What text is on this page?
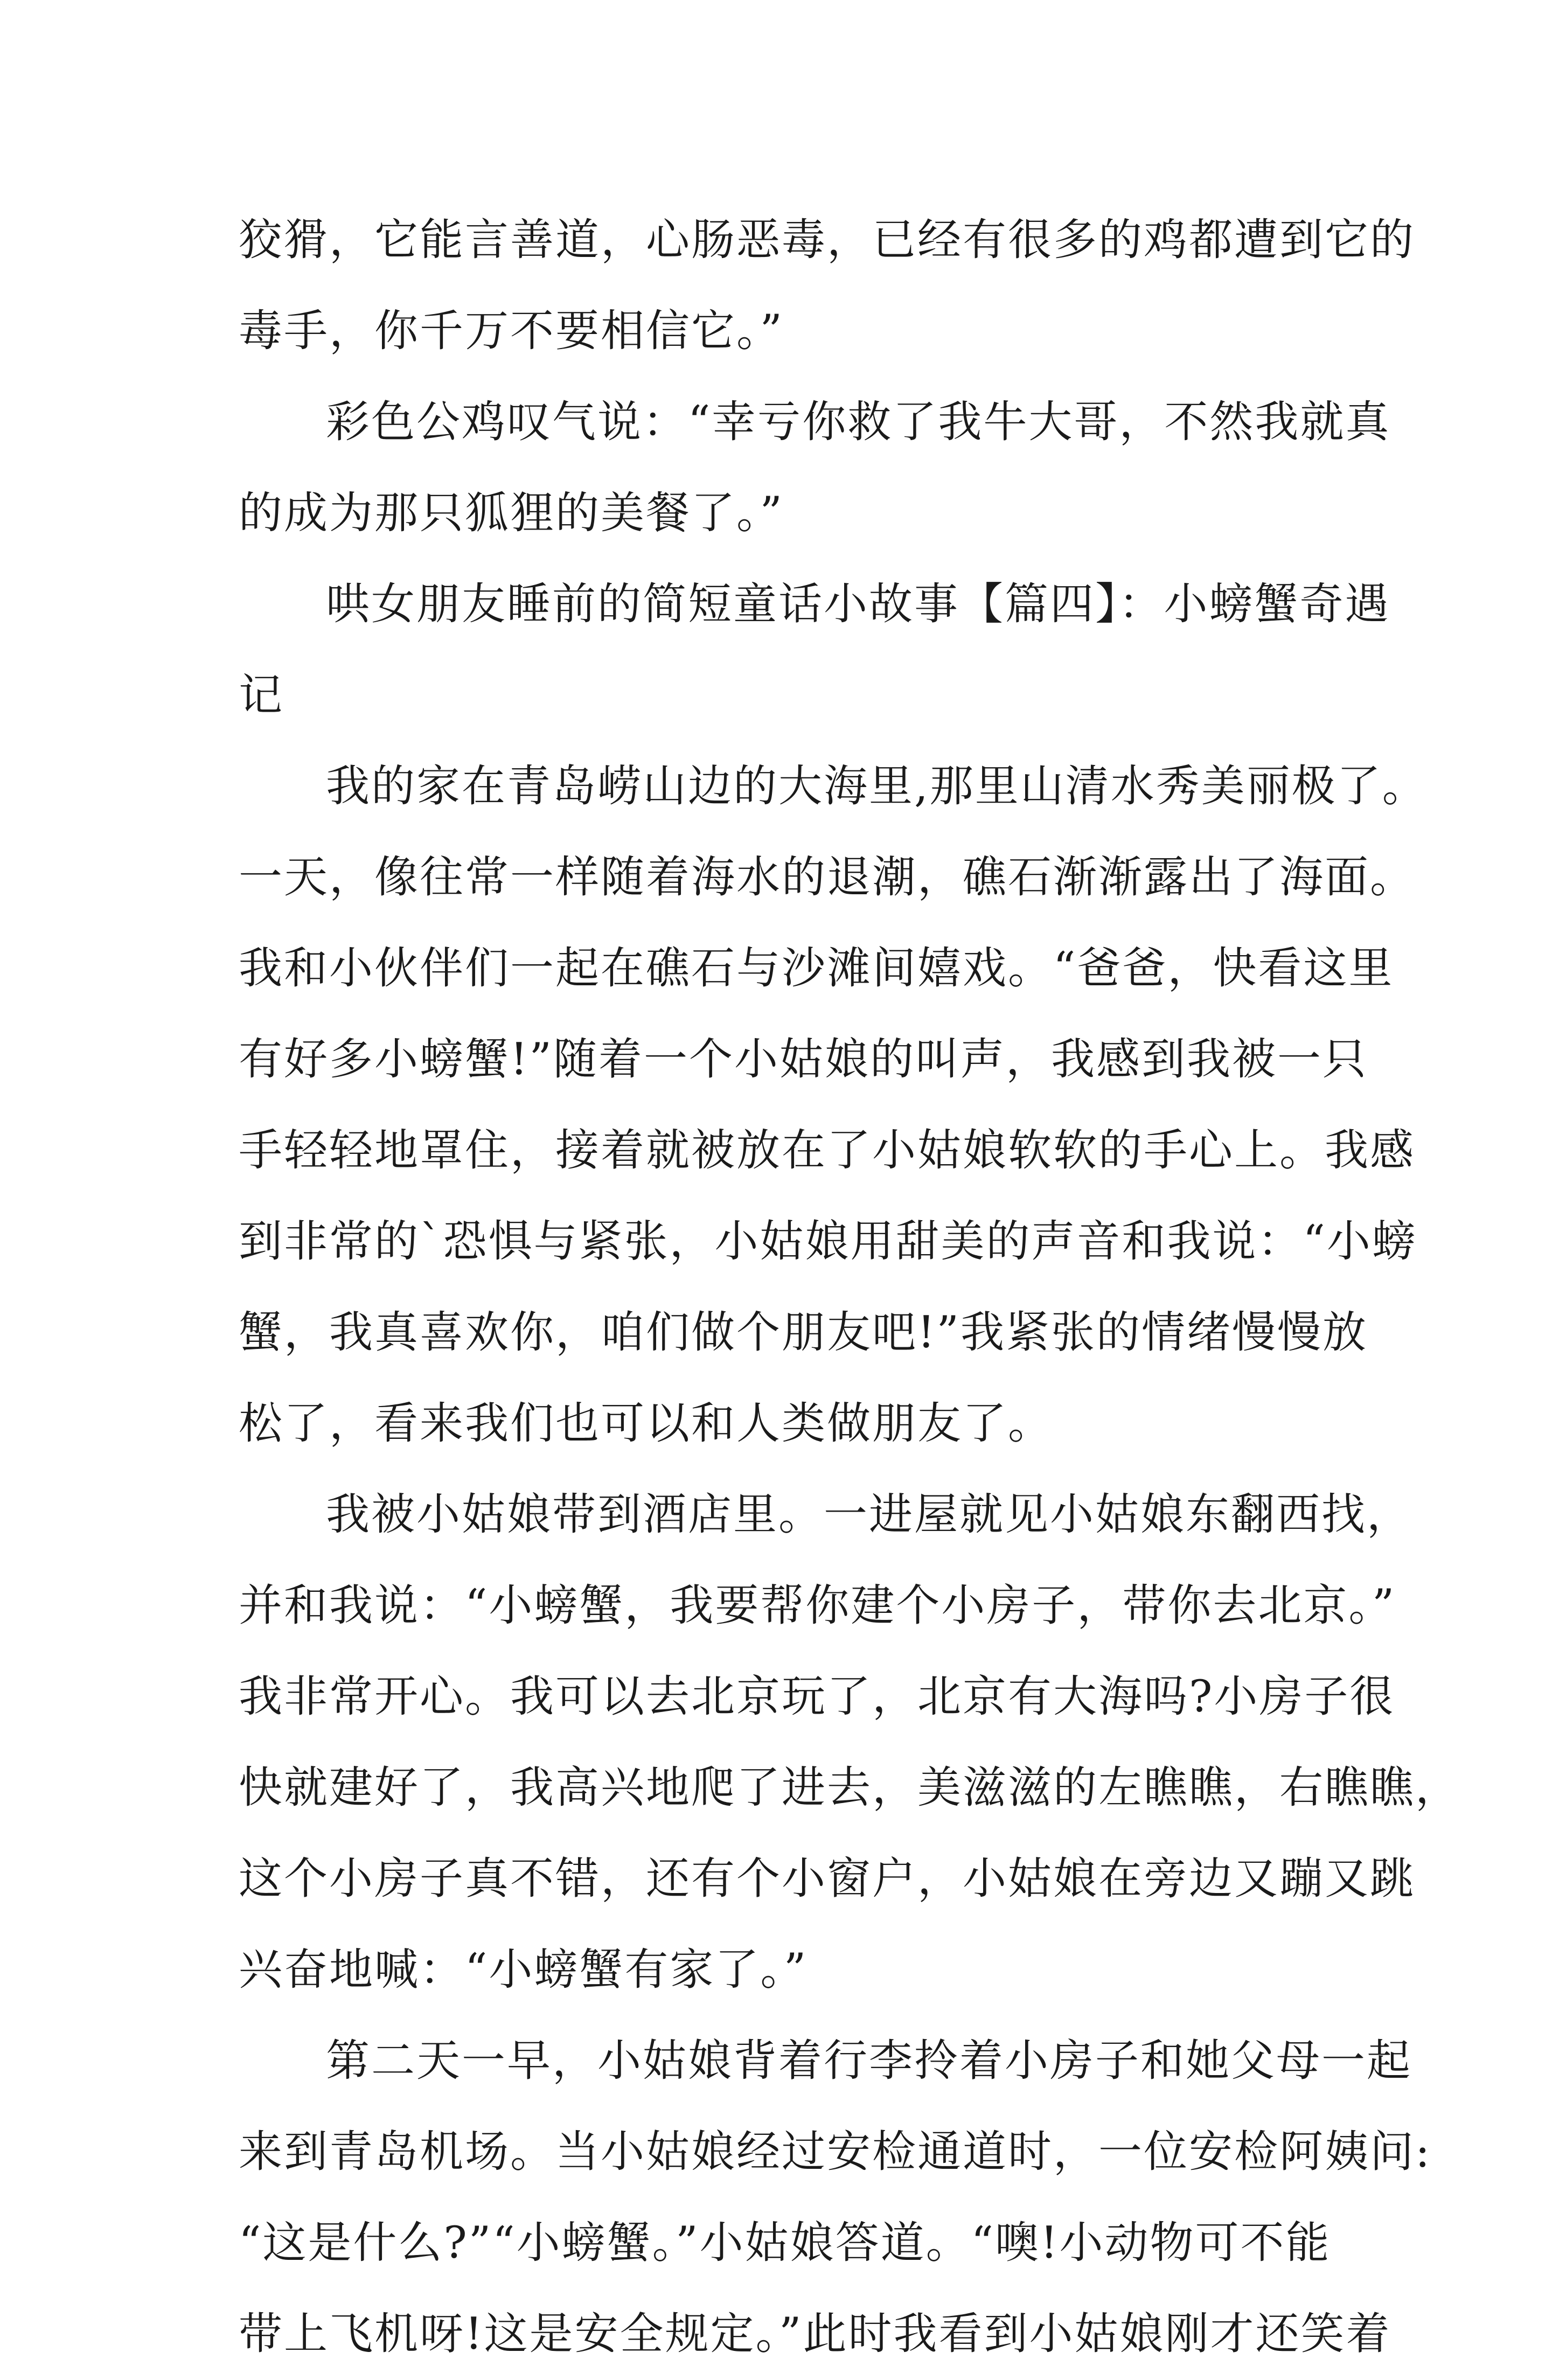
狡猾，它能言善道，心肠恶毒，已经有很多的鸡都遭到它的
毒手，你千万不要相信它。”
彩色公鸡叹气说：“幸亏你救了我牛大哥，不然我就真
的成为那只狐狸的美餐了。”
哄女朋友睡前的简短童话小故事【篇四】：小螃蟹奇遇
记
我的家在青岛崂山边的大海里,那里山清水秀美丽极了。
一天，像往常一样随着海水的退潮，礁石渐渐露出了海面。
我和小伙伴们一起在礁石与沙滩间嬉戏。“爸爸，快看这里
有好多小螃蟹!”随着一个小姑娘的叫声，我感到我被一只
手轻轻地罩住，接着就被放在了小姑娘软软的手心上。我感
到非常的`恐惧与紧张，小姑娘用甜美的声音和我说：“小螃
蟹，我真喜欢你，咱们做个朋友吧!”我紧张的情绪慢慢放
松了，看来我们也可以和人类做朋友了。
我被小姑娘带到酒店里。一进屋就见小姑娘东翻西找，
并和我说：“小螃蟹，我要帮你建个小房子，带你去北京。”
我非常开心。我可以去北京玩了，北京有大海吗?小房子很
快就建好了，我高兴地爬了进去，美滋滋的左瞧瞧，右瞧瞧，
这个小房子真不错，还有个小窗户，小姑娘在旁边又蹦又跳
兴奋地喊：“小螃蟹有家了。”
第二天一早，小姑娘背着行李拎着小房子和她父母一起
来到青岛机场。当小姑娘经过安检通道时，一位安检阿姨问:
“这是什么?”“小螃蟹。”小姑娘答道。“噢!小动物可不能
带上飞机呀!这是安全规定。”此时我看到小姑娘刚才还笑着
